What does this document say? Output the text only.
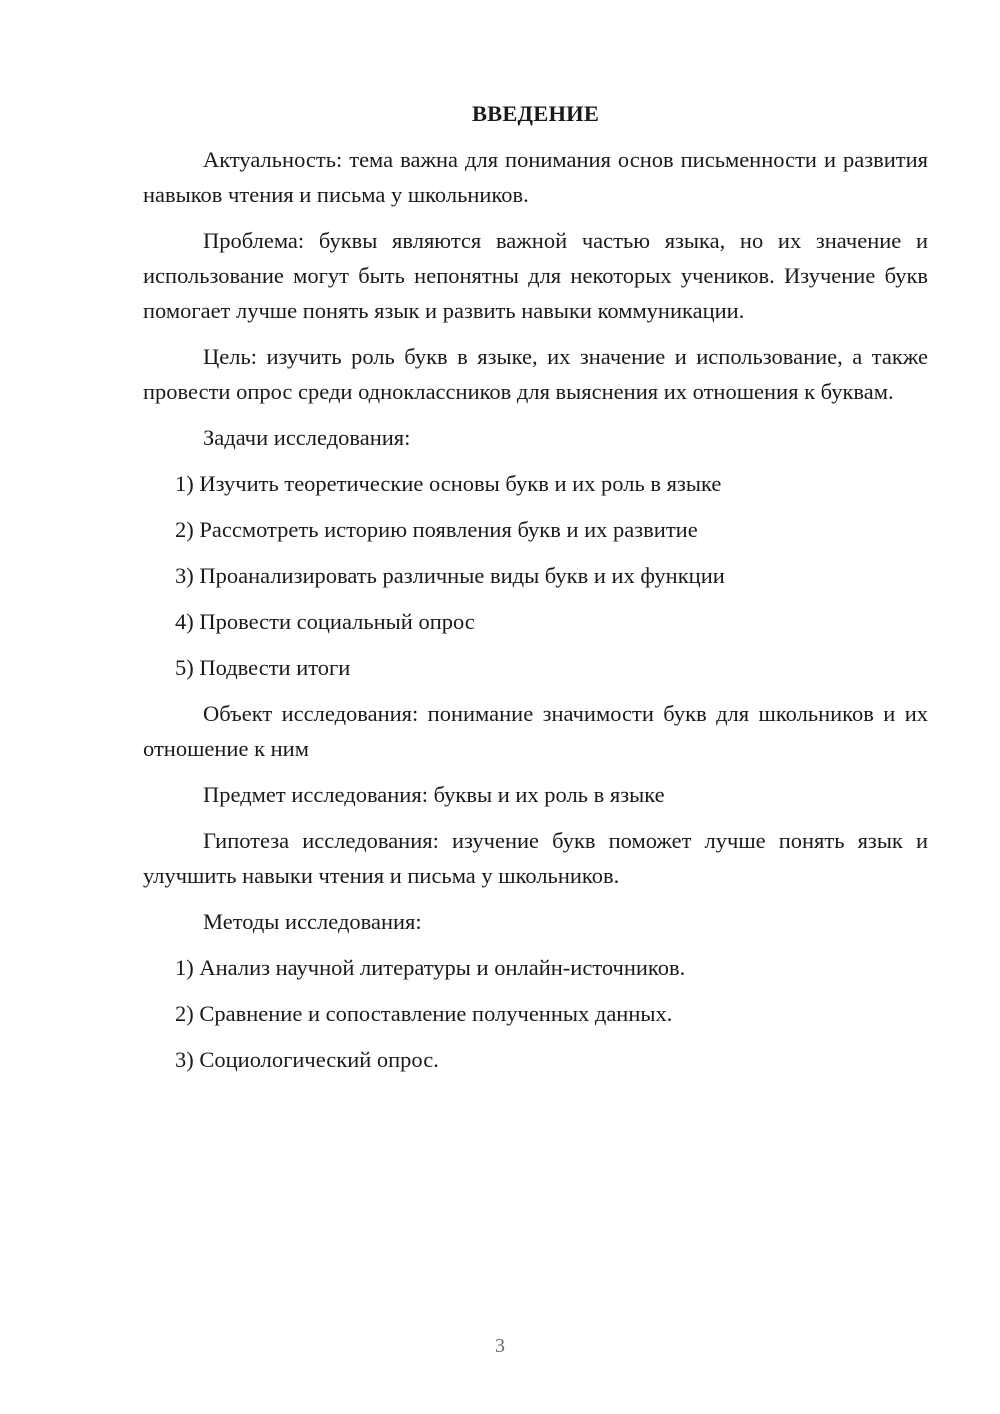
ВВЕДЕНИЕ
Актуальность: тема важна для понимания основ письменности и развития навыков чтения и письма у школьников.
Проблема: буквы являются важной частью языка, но их значение и использование могут быть непонятны для некоторых учеников. Изучение букв помогает лучше понять язык и развить навыки коммуникации.
Цель: изучить роль букв в языке, их значение и использование, а также провести опрос среди одноклассников для выяснения их отношения к буквам.
Задачи исследования:
1) Изучить теоретические основы букв и их роль в языке
2) Рассмотреть историю появления букв и их развитие
3) Проанализировать различные виды букв и их функции
4) Провести социальный опрос
5) Подвести итоги
Объект исследования: понимание значимости букв для школьников и их отношение к ним
Предмет исследования: буквы и их роль в языке
Гипотеза исследования: изучение букв поможет лучше понять язык и улучшить навыки чтения и письма у школьников.
Методы исследования:
1) Анализ научной литературы и онлайн-источников.
2) Сравнение и сопоставление полученных данных.
3) Социологический опрос.
3
